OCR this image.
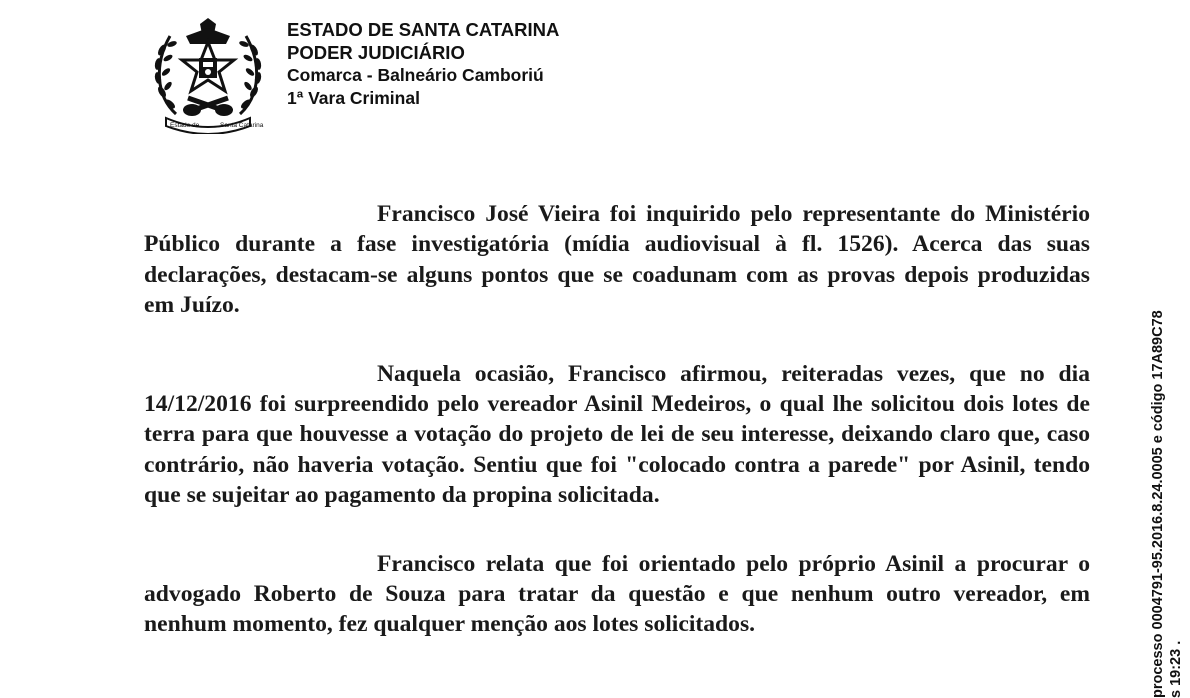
Estado de	Santa Catarina
ESTADO DE SANTA CATARINA
PODER JUDICIÁRIO
Comarca - Balneário Camboriú
1ª Vara Criminal

Francisco José Vieira foi inquirido pelo representante do Ministério Público durante a fase investigatória (mídia audiovisual à fl. 1526). Acerca das suas declarações, destacam-se alguns pontos que se coadunam com as provas depois produzidas em Juízo.

Naquela ocasião, Francisco afirmou, reiteradas vezes, que no dia 14/12/2016 foi surpreendido pelo vereador Asinil Medeiros, o qual lhe solicitou dois lotes de terra para que houvesse a votação do projeto de lei de seu interesse, deixando claro que, caso contrário, não haveria votação. Sentiu que foi "colocado contra a parede" por Asinil, tendo que se sujeitar ao pagamento da propina solicitada.

Francisco relata que foi orientado pelo próprio Asinil a procurar o advogado Roberto de Souza para tratar da questão e que nenhum outro vereador, em nenhum momento, fez qualquer menção aos lotes solicitados.	processo 0004791-95.2016.8.24.0005 e código 17A89C78 s 19:23 .
